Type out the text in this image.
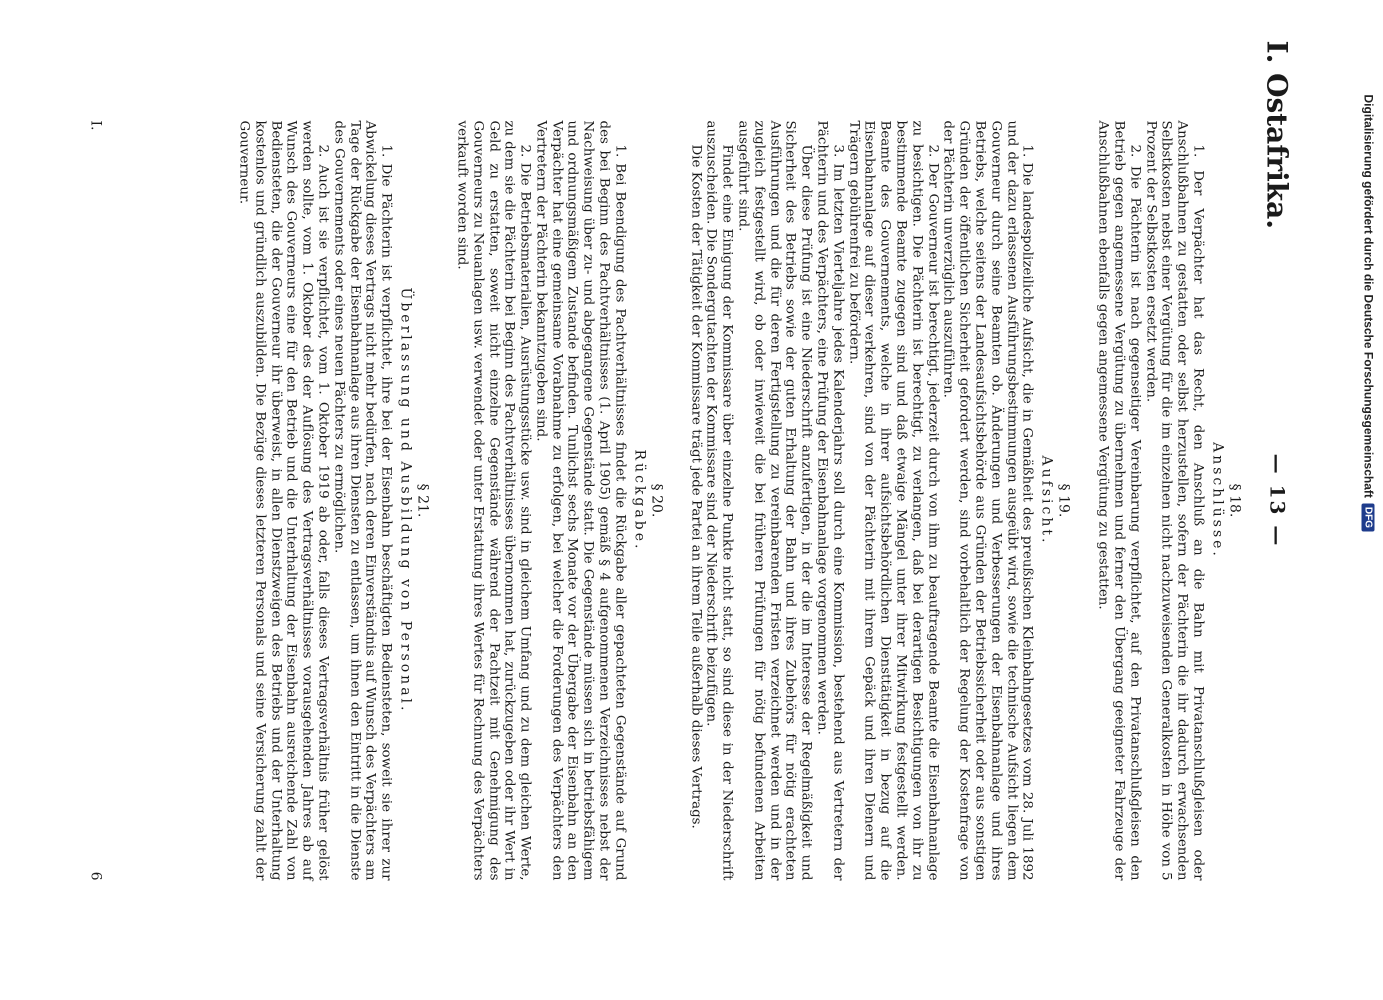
Digitalisierung gefördert durch die Deutsche Forschungsgemeinschaft
DFG
I. Ostafrika.
— 13 —
§ 18.
Anschlüsse.

1. Der Verpächter hat das Recht, den Anschluß an die Bahn mit Privatanschlußgleisen oder Anschlußbahnen zu gestatten oder selbst herzustellen, sofern der Pächterin die ihr dadurch erwachsenden Selbstkosten nebst einer Vergütung für die im einzelnen nicht nachzuweisenden Generalkosten in Höhe von 5 Prozent der Selbstkosten ersetzt werden.

2. Die Pächterin ist nach gegenseitiger Vereinbarung verpflichtet, auf den Privatanschlußgleisen den Betrieb gegen angemessene Vergütung zu übernehmen und ferner den Übergang geeigneter Fahrzeuge der Anschlußbahnen ebenfalls gegen angemessene Vergütung zu gestatten.

§ 19.
Aufsicht.

1. Die landespolizeiliche Aufsicht, die in Gemäßheit des preußischen Kleinbahngesetzes vom 28. Juli 1892 und der dazu erlassenen Ausführungsbestimmungen ausgeübt wird, sowie die technische Aufsicht liegen dem Gouverneur durch seine Beamten ob. Änderungen und Verbesserungen der Eisenbahnanlage und ihres Betriebs, welche seitens der Landesaufsichtsbehörde aus Gründen der Betriebssicherheit oder aus sonstigen Gründen der öffentlichen Sicherheit gefordert werden, sind vorbehaltlich der Regelung der Kostenfrage von der Pächterin unverzüglich auszuführen.

2. Der Gouverneur ist berechtigt, jederzeit durch von ihm zu beauftragende Beamte die Eisenbahnanlage zu besichtigen. Die Pächterin ist berechtigt, zu verlangen, daß bei derartigen Besichtigungen von ihr zu bestimmende Beamte zugegen sind und daß etwaige Mängel unter ihrer Mitwirkung festgestellt werden. Beamte des Gouvernements, welche in ihrer aufsichtsbehördlichen Diensttätigkeit in bezug auf die Eisenbahnanlage auf dieser verkehren, sind von der Pächterin mit ihrem Gepäck und ihren Dienern und Trägern gebührenfrei zu befördern.

3. Im letzten Vierteljahre jedes Kalenderjahrs soll durch eine Kommission, bestehend aus Vertretern der Pächterin und des Verpächters, eine Prüfung der Eisenbahnanlage vorgenommen werden.

Über diese Prüfung ist eine Niederschrift anzufertigen, in der die im Interesse der Regelmäßigkeit und Sicherheit des Betriebs sowie der guten Erhaltung der Bahn und ihres Zubehörs für nötig erachteten Ausführungen und die für deren Fertigstellung zu vereinbarenden Fristen verzeichnet werden und in der zugleich festgestellt wird, ob oder inwieweit die bei früheren Prüfungen für nötig befundenen Arbeiten ausgeführt sind.

Findet eine Einigung der Kommissare über einzelne Punkte nicht statt, so sind diese in der Niederschrift auszuscheiden. Die Sondergutachten der Kommissare sind der Niederschrift beizufügen.

Die Kosten der Tätigkeit der Kommissare trägt jede Partei an ihrem Teile außerhalb dieses Vertrags.

§ 20.
Rückgabe.

1. Bei Beendigung des Pachtverhältnisses findet die Rückgabe aller gepachteten Gegenstände auf Grund des bei Beginn des Pachtverhältnisses (1. April 1905) gemäß § 4 aufgenommenen Verzeichnisses nebst der Nachweisung über zu- und abgegangene Gegenstände statt. Die Gegenstände müssen sich in betriebsfähigem und ordnungsmäßigem Zustande befinden. Tunlichst sechs Monate vor der Übergabe der Eisenbahn an den Verpächter hat eine gemeinsame Vorabnahme zu erfolgen, bei welcher die Forderungen des Verpächters den Vertretern der Pächterin bekanntzugeben sind.

2. Die Betriebsmaterialien, Ausrüstungsstücke usw. sind in gleichem Umfang und zu dem gleichen Werte, zu dem sie die Pächterin bei Beginn des Pachtverhältnisses übernommen hat, zurückzugeben oder ihr Wert in Geld zu erstatten, soweit nicht einzelne Gegenstände während der Pachtzeit mit Genehmigung des Gouverneurs zu Neuanlagen usw. verwendet oder unter Erstattung ihres Wertes für Rechnung des Verpächters verkauft worden sind.

§ 21.
Überlassung und Ausbildung von Personal.

1. Die Pächterin ist verpflichtet, ihre bei der Eisenbahn beschäftigten Bediensteten, soweit sie ihrer zur Abwickelung dieses Vertrags nicht mehr bedürfen, nach deren Einverständnis auf Wunsch des Verpächters am Tage der Rückgabe der Eisenbahnanlage aus ihren Diensten zu entlassen, um ihnen den Eintritt in die Dienste des Gouvernements oder eines neuen Pächters zu ermöglichen.

2. Auch ist sie verpflichtet, vom 1. Oktober 1919 ab oder, falls dieses Vertragsverhältnis früher gelöst werden sollte, vom 1. Oktober des der Auflösung des Vertragsverhältnisses vorausgehenden Jahres ab auf Wunsch des Gouverneurs eine für den Betrieb und die Unterhaltung der Eisenbahn ausreichende Zahl von Bediensteten, die der Gouverneur ihr überweist, in allen Dienstzweigen des Betriebs und der Unterhaltung kostenlos und gründlich auszubilden. Die Bezüge dieses letzteren Personals und seine Versicherung zahlt der Gouverneur.

I.
6
